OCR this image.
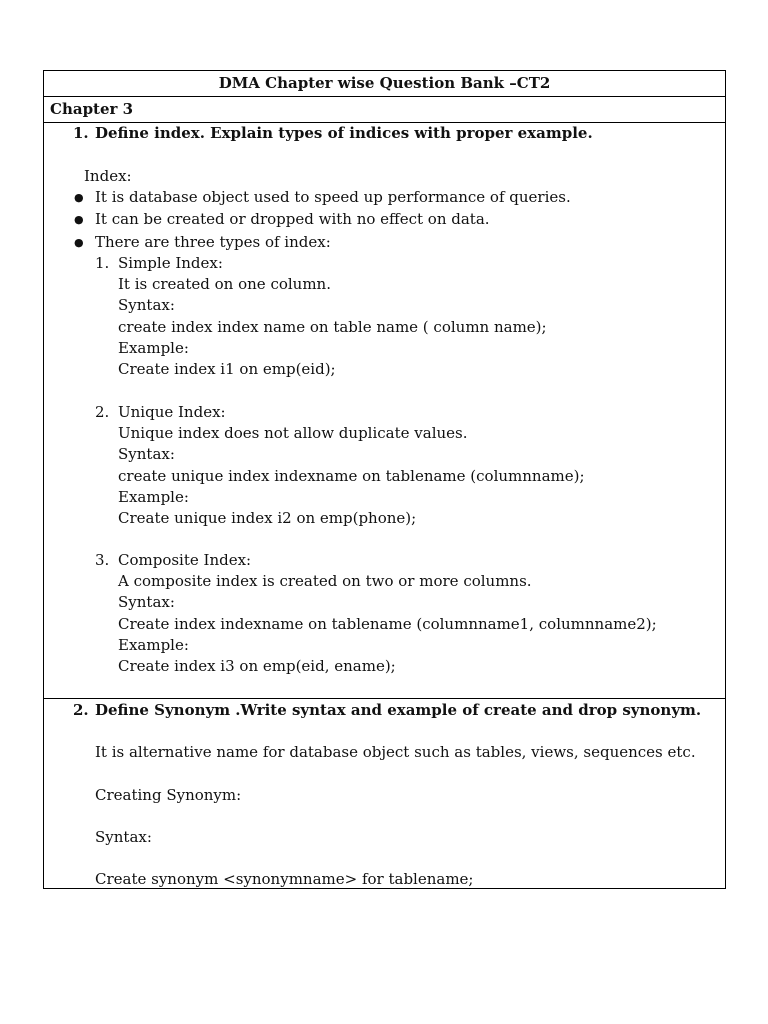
DMA Chapter wise Question Bank –CT2
Chapter 3
1. Define index. Explain types of indices with proper example.
Index:
● It is database object used to speed up performance of queries.
● It can be created or dropped with no effect on data.
● There are three types of index:
1. Simple Index:
It is created on one column.
Syntax:
create index index name on table name ( column name);
Example:
Create index i1 on emp(eid);
2. Unique Index:
Unique index does not allow duplicate values.
Syntax:
create unique index indexname on tablename (columnname);
Example:
Create unique index i2 on emp(phone);
3. Composite Index:
A composite index is created on two or more columns.
Syntax:
Create index indexname on tablename (columnname1, columnname2);
Example:
Create index i3 on emp(eid, ename);
2. Define Synonym .Write syntax and example of create and drop synonym.
It is alternative name for database object such as tables, views, sequences etc.
Creating Synonym:
Syntax:
Create synonym <synonymname> for tablename;
